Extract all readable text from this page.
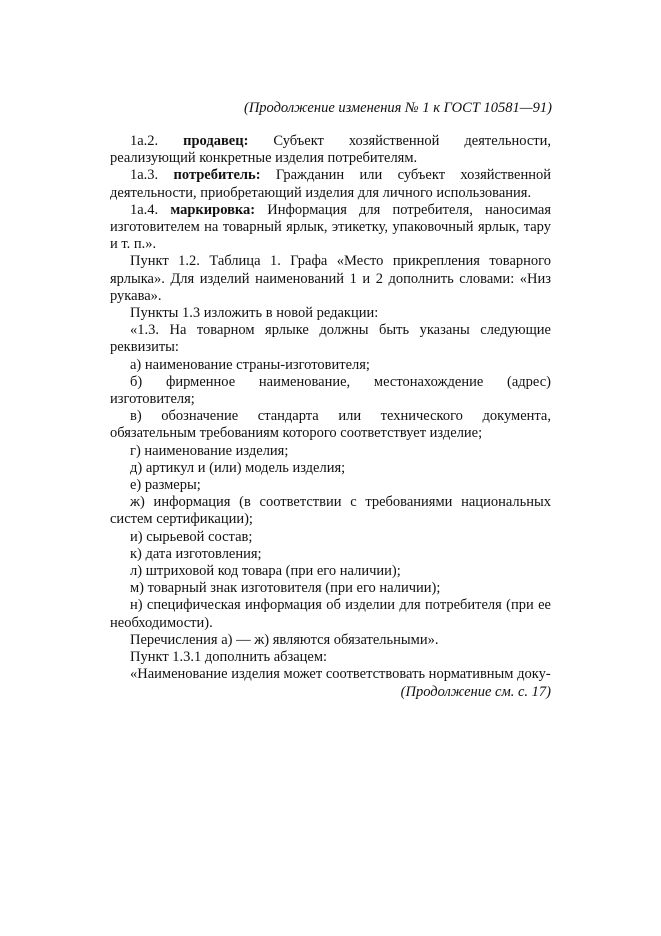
(Продолжение изменения № 1 к ГОСТ 10581—91)

1а.2. продавец: Субъект хозяйственной деятельности, реализующий конкретные изделия потребителям.

1а.3. потребитель: Гражданин или субъект хозяйственной деятельности, приобретающий изделия для личного использования.

1а.4. маркировка: Информация для потребителя, наносимая изготовителем на товарный ярлык, этикетку, упаковочный ярлык, тару и т. п.».

Пункт 1.2. Таблица 1. Графа «Место прикрепления товарного ярлыка». Для изделий наименований 1 и 2 дополнить словами: «Низ рукава».

Пункты 1.3 изложить в новой редакции:

«1.3. На товарном ярлыке должны быть указаны следующие реквизиты:

а) наименование страны-изготовителя;

б) фирменное наименование, местонахождение (адрес) изготовителя;

в) обозначение стандарта или технического документа, обязательным требованиям которого соответствует изделие;

г) наименование изделия;

д) артикул и (или) модель изделия;

е) размеры;

ж) информация (в соответствии с требованиями национальных систем сертификации);

и) сырьевой состав;

к) дата изготовления;

л) штриховой код товара (при его наличии);

м) товарный знак изготовителя (при его наличии);

н) специфическая информация об изделии для потребителя (при ее необходимости).

Перечисления а) — ж) являются обязательными».

Пункт 1.3.1 дополнить абзацем:

«Наименование изделия может соответствовать нормативным доку-

(Продолжение см. с. 17)
